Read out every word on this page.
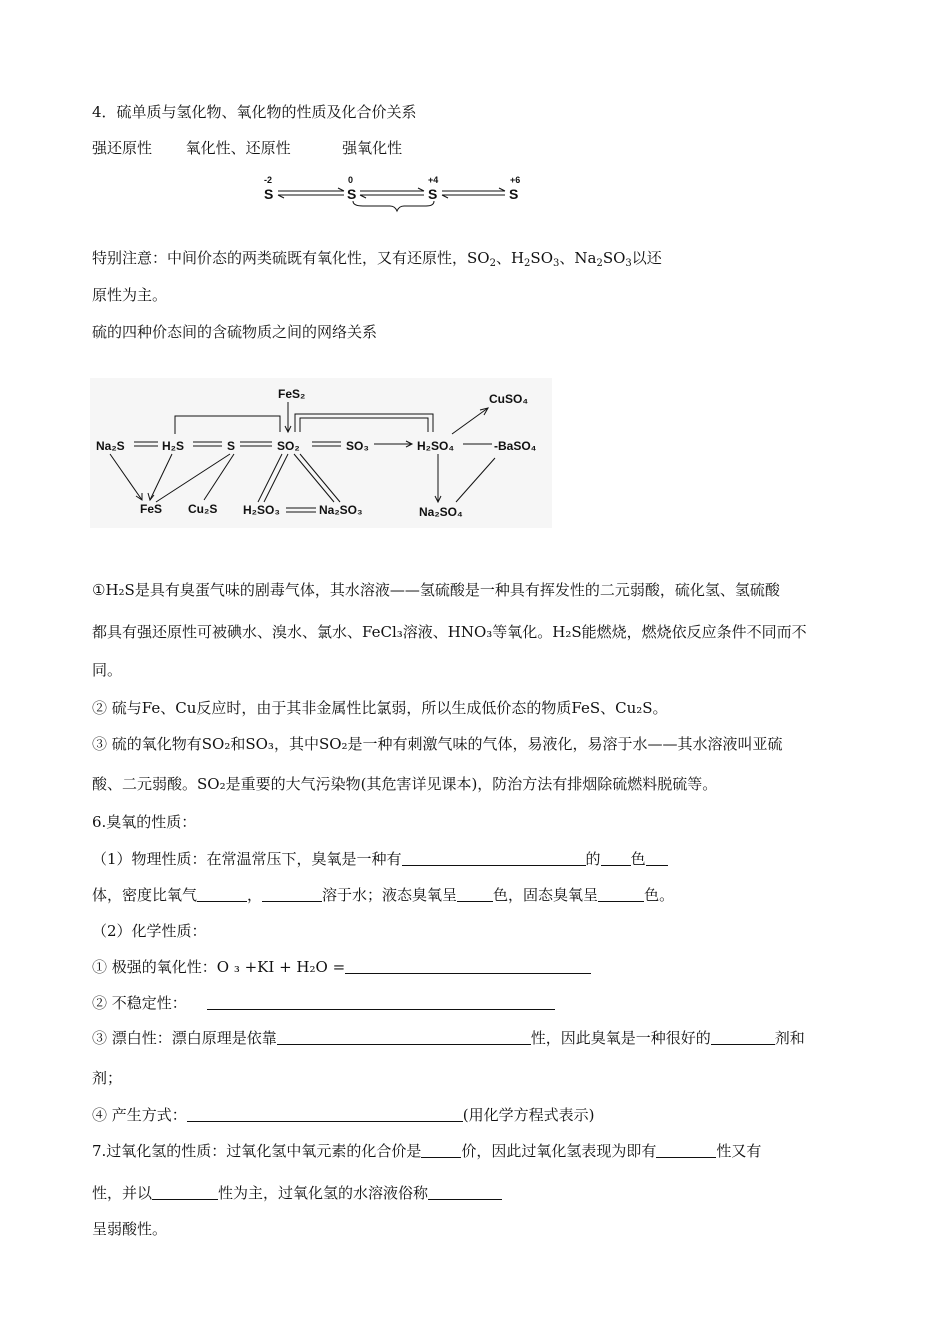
4．硫单质与氢化物、氧化物的性质及化合价关系
强还原性 氧化性、还原性	强氧化性
-2	0	+4	+6
S	S	S	S
特别注意：中间价态的两类硫既有氧化性，又有还原性，$SO_2$、$H_2SO_3$、$Na_2SO_3$以还
原性为主。
硫的四种价态间的含硫物质之间的网络关系
FeS₂	CuSO₄
Na₂S	H₂S	S	SO₂	SO₃	H₂SO₄	-BaSO₄
FeS Cu₂S H₂SO₃	Na₂SO₃	Na₂SO₄
①H₂S是具有臭蛋气味的剧毒气体，其水溶液——氢硫酸是一种具有挥发性的二元弱酸，硫化氢、氢硫酸
都具有强还原性可被碘水、溴水、氯水、FeCl₃溶液、HNO₃等氧化。H₂S能燃烧，燃烧依反应条件不同而不
同。
② 硫与Fe、Cu反应时，由于其非金属性比氯弱，所以生成低价态的物质FeS、Cu₂S。
③ 硫的氧化物有SO₂和SO₃，其中SO₂是一种有刺激气味的气体，易液化，易溶于水——其水溶液叫亚硫
酸、二元弱酸。SO₂是重要的大气污染物(其危害详见课本)，防治方法有排烟除硫燃料脱硫等。
6.臭氧的性质：
（1）物理性质：在常温常压下，臭氧是一种有	的 色
体，密度比氧气	，	溶于水；液态臭氧呈 色，固态臭氧呈	色。
（2）化学性质：
① 极强的氧化性：O ₃ +KI + H₂O =
② 不稳定性：
③ 漂白性：漂白原理是依靠	性，因此臭氧是一种很好的	剂和
剂；
④ 产生方式：	(用化学方程式表示)
7.过氧化氢的性质：过氧化氢中氧元素的化合价是	价，因此过氧化氢表现为即有	性又有
性，并以	性为主，过氧化氢的水溶液俗称
呈弱酸性。
